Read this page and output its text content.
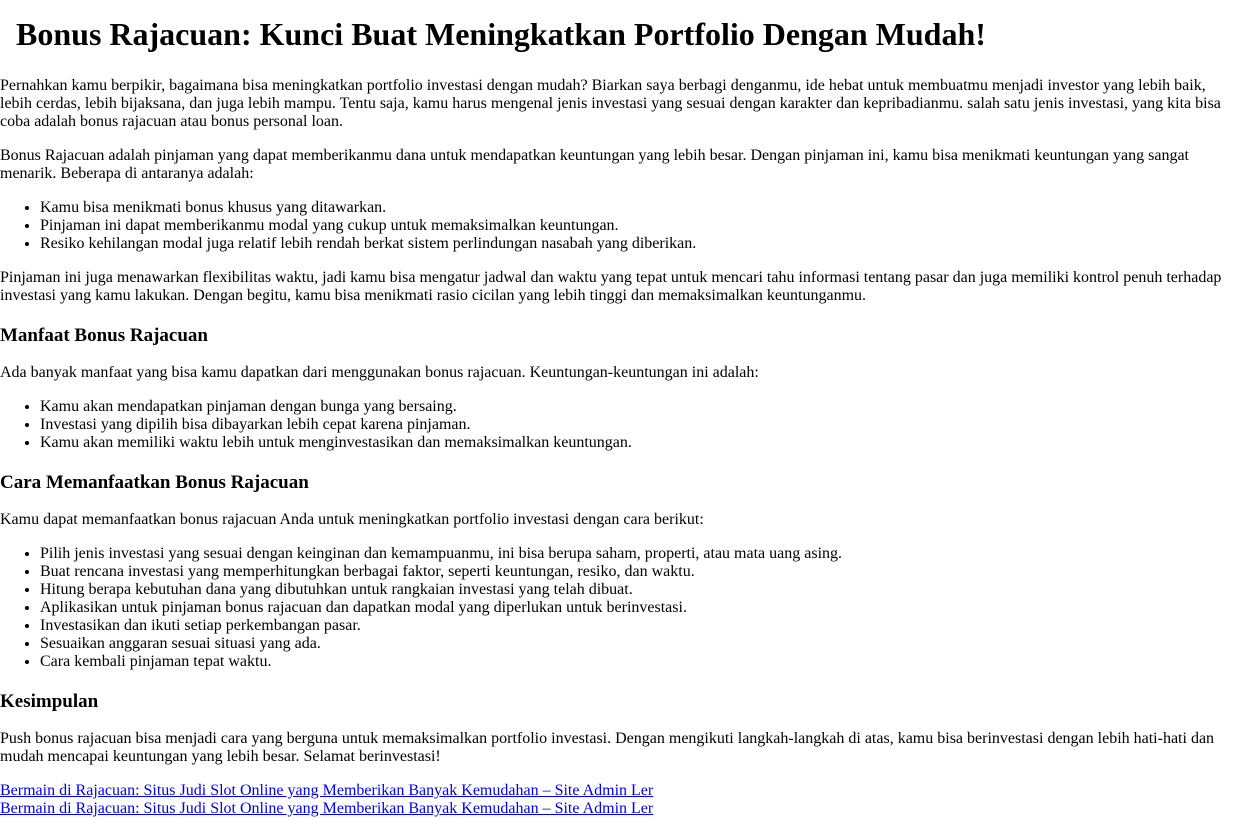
Bonus Rajacuan: Kunci Buat Meningkatkan Portfolio Dengan Mudah!

Pernahkan kamu berpikir, bagaimana bisa meningkatkan portfolio investasi dengan mudah? Biarkan saya berbagi denganmu, ide hebat untuk membuatmu menjadi investor yang lebih baik, lebih cerdas, lebih bijaksana, dan juga lebih mampu. Tentu saja, kamu harus mengenal jenis investasi yang sesuai dengan karakter dan kepribadianmu. salah satu jenis investasi, yang kita bisa coba adalah bonus rajacuan atau bonus personal loan.

Bonus Rajacuan adalah pinjaman yang dapat memberikanmu dana untuk mendapatkan keuntungan yang lebih besar. Dengan pinjaman ini, kamu bisa menikmati keuntungan yang sangat menarik. Beberapa di antaranya adalah:

• Kamu bisa menikmati bonus khusus yang ditawarkan.
• Pinjaman ini dapat memberikanmu modal yang cukup untuk memaksimalkan keuntungan.
• Resiko kehilangan modal juga relatif lebih rendah berkat sistem perlindungan nasabah yang diberikan.

Pinjaman ini juga menawarkan flexibilitas waktu, jadi kamu bisa mengatur jadwal dan waktu yang tepat untuk mencari tahu informasi tentang pasar dan juga memiliki kontrol penuh terhadap investasi yang kamu lakukan. Dengan begitu, kamu bisa menikmati rasio cicilan yang lebih tinggi dan memaksimalkan keuntunganmu.

Manfaat Bonus Rajacuan

Ada banyak manfaat yang bisa kamu dapatkan dari menggunakan bonus rajacuan. Keuntungan-keuntungan ini adalah:

• Kamu akan mendapatkan pinjaman dengan bunga yang bersaing.
• Investasi yang dipilih bisa dibayarkan lebih cepat karena pinjaman.
• Kamu akan memiliki waktu lebih untuk menginvestasikan dan memaksimalkan keuntungan.
Cara Memanfaatkan Bonus Rajacuan

Kamu dapat memanfaatkan bonus rajacuan Anda untuk meningkatkan portfolio investasi dengan cara berikut:

• Pilih jenis investasi yang sesuai dengan keinginan dan kemampuanmu, ini bisa berupa saham, properti, atau mata uang asing.
• Buat rencana investasi yang memperhitungkan berbagai faktor, seperti keuntungan, resiko, dan waktu.
• Hitung berapa kebutuhan dana yang dibutuhkan untuk rangkaian investasi yang telah dibuat.
• Aplikasikan untuk pinjaman bonus rajacuan dan dapatkan modal yang diperlukan untuk berinvestasi.
• Investasikan dan ikuti setiap perkembangan pasar.
• Sesuaikan anggaran sesuai situasi yang ada.
• Cara kembali pinjaman tepat waktu.
Kesimpulan

Push bonus rajacuan bisa menjadi cara yang berguna untuk memaksimalkan portfolio investasi. Dengan mengikuti langkah-langkah di atas, kamu bisa berinvestasi dengan lebih hati-hati dan mudah mencapai keuntungan yang lebih besar. Selamat berinvestasi!

Bermain di Rajacuan: Situs Judi Slot Online yang Memberikan Banyak Kemudahan – Site Admin Ler
Bermain di Rajacuan: Situs Judi Slot Online yang Memberikan Banyak Kemudahan – Site Admin Ler
